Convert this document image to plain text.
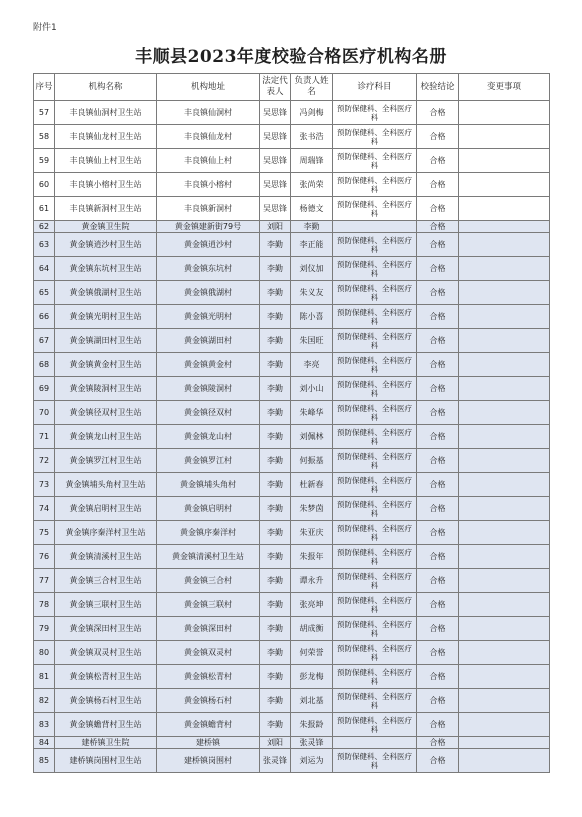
附件1
丰顺县2023年度校验合格医疗机构名册
序号	机构名称	机构地址	法定代表人	负责人姓名	诊疗科目	校验结论	变更事项
57	丰良镇仙洞村卫生站	丰良镇仙洞村	吴思锋	冯剑梅	预防保健科、全科医疗科	合格	
58	丰良镇仙龙村卫生站	丰良镇仙龙村	吴思锋	张书浩	预防保健科、全科医疗科	合格	
59	丰良镇仙上村卫生站	丰良镇仙上村	吴思锋	周瑞锋	预防保健科、全科医疗科	合格	
60	丰良镇小榕村卫生站	丰良镇小榕村	吴思锋	张尚荣	预防保健科、全科医疗科	合格	
61	丰良镇新洞村卫生站	丰良镇新洞村	吴思锋	杨德文	预防保健科、全科医疗科	合格	
62	黄金镇卫生院	黄金镇建新街79号	刘阳	李勤		合格	
63	黄金镇逍沙村卫生站	黄金镇逍沙村	李勤	李正能	预防保健科、全科医疗科	合格	
64	黄金镇东坑村卫生站	黄金镇东坑村	李勤	刘仪加	预防保健科、全科医疗科	合格	
65	黄金镇俄湖村卫生站	黄金镇俄湖村	李勤	朱义友	预防保健科、全科医疗科	合格	
66	黄金镇光明村卫生站	黄金镇光明村	李勤	陈小喜	预防保健科、全科医疗科	合格	
67	黄金镇湖田村卫生站	黄金镇湖田村	李勤	朱国旺	预防保健科、全科医疗科	合格	
68	黄金镇黄金村卫生站	黄金镇黄金村	李勤	李亮	预防保健科、全科医疗科	合格	
69	黄金镇陵洞村卫生站	黄金镇陵洞村	李勤	刘小山	预防保健科、全科医疗科	合格	
70	黄金镇径双村卫生站	黄金镇径双村	李勤	朱峰华	预防保健科、全科医疗科	合格	
71	黄金镇龙山村卫生站	黄金镇龙山村	李勤	刘佩林	预防保健科、全科医疗科	合格	
72	黄金镇罗江村卫生站	黄金镇罗江村	李勤	何振基	预防保健科、全科医疗科	合格	
73	黄金镇埔头角村卫生站	黄金镇埔头角村	李勤	杜新春	预防保健科、全科医疗科	合格	
74	黄金镇启明村卫生站	黄金镇启明村	李勤	朱梦茵	预防保健科、全科医疗科	合格	
75	黄金镇序秦洋村卫生站	黄金镇序秦洋村	李勤	朱亚庆	预防保健科、全科医疗科	合格	
76	黄金镇清溪村卫生站	黄金镇清溪村卫生站	李勤	朱报年	预防保健科、全科医疗科	合格	
77	黄金镇三合村卫生站	黄金镇三合村	李勤	谭永升	预防保健科、全科医疗科	合格	
78	黄金镇三联村卫生站	黄金镇三联村	李勤	张亮坤	预防保健科、全科医疗科	合格	
79	黄金镇深田村卫生站	黄金镇深田村	李勤	胡成衡	预防保健科、全科医疗科	合格	
80	黄金镇双灵村卫生站	黄金镇双灵村	李勤	何荣誉	预防保健科、全科医疗科	合格	
81	黄金镇松青村卫生站	黄金镇松青村	李勤	彭龙梅	预防保健科、全科医疗科	合格	
82	黄金镇杨石村卫生站	黄金镇杨石村	李勤	刘北基	预防保健科、全科医疗科	合格	
83	黄金镇蟾背村卫生站	黄金镇蟾背村	李勤	朱报龄	预防保健科、全科医疗科	合格	
84	建桥镇卫生院	建桥镇	刘阳	张灵锋		合格	
85	建桥镇岗围村卫生站	建桥镇岗围村	张灵锋	刘运为	预防保健科、全科医疗科	合格	
